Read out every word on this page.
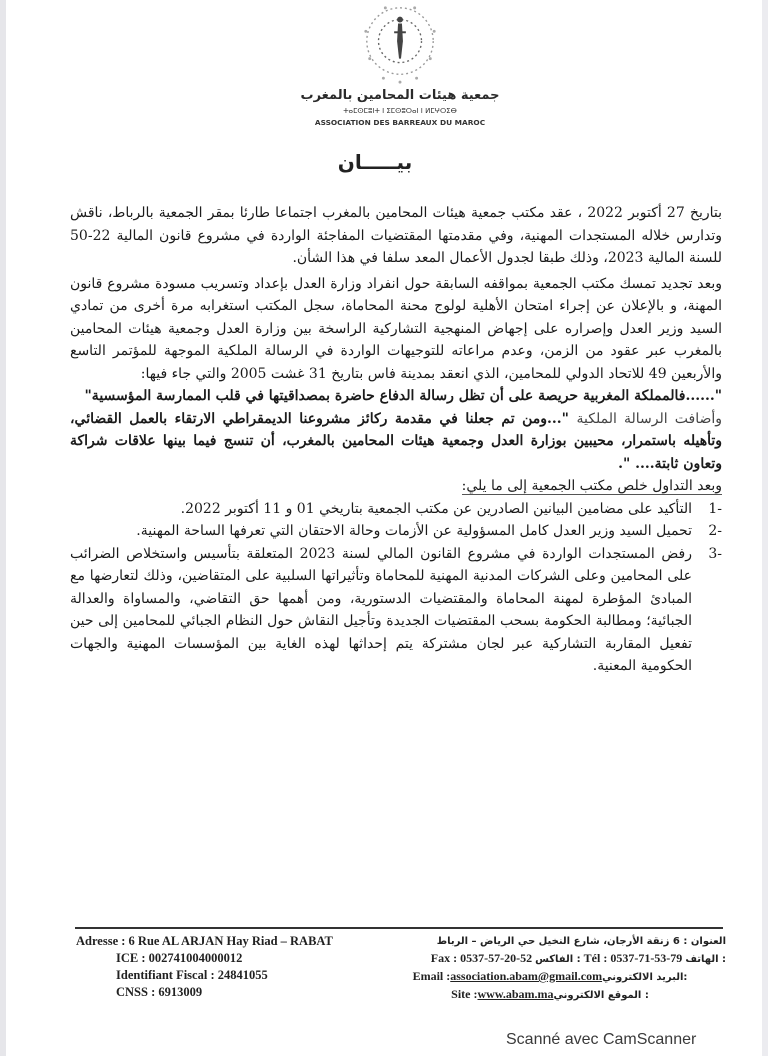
جمعية هيئات المحامين بالمغرب
ⵜⴰⵎⵙⵎⵓⵏⵜ ⵏ ⵉⵎⵙⵓⵔⴰⵏ ⵏ ⵍⵎⵖⵔⵉⴱ
ASSOCIATION DES BARREAUX DU MAROC
بيـــــان

بتاريخ 27 أكتوبر 2022 ، عقد مكتب جمعية هيئات المحامين بالمغرب اجتماعا طارئا بمقر الجمعية بالرباط، ناقش وتدارس خلاله المستجدات المهنية، وفي مقدمتها المقتضيات المفاجئة الواردة في مشروع قانون المالية 22-50 للسنة المالية 2023، وذلك طبقا لجدول الأعمال المعد سلفا في هذا الشأن.

وبعد تجديد تمسك مكتب الجمعية بمواقفه السابقة حول انفراد وزارة العدل بإعداد وتسريب مسودة مشروع قانون المهنة، و بالإعلان عن إجراء امتحان الأهلية لولوج محنة المحاماة، سجل المكتب استغرابه مرة أخرى من تمادي السيد وزير العدل وإصراره على إجهاض المنهجية التشاركية الراسخة بين وزارة العدل وجمعية هيئات المحامين بالمغرب عبر عقود من الزمن، وعدم مراعاته للتوجيهات الواردة في الرسالة الملكية الموجهة للمؤتمر التاسع والأربعين 49 للاتحاد الدولي للمحامين، الذي انعقد بمدينة فاس بتاريخ 31 غشت 2005 والتي جاء فيها:

"......فالمملكة المغربية حريصة على أن تظل رسالة الدفاع حاضرة بمصداقيتها في قلب الممارسة المؤسسية"

وأضافت الرسالة الملكية "...ومن تم جعلنا في مقدمة ركائز مشروعنا الديمقراطي الارتقاء بالعمل القضائي، وتأهيله باستمرار، محيبين بوزارة العدل وجمعية هيئات المحامين بالمغرب، أن تنسج فيما بينها علاقات شراكة وتعاون ثابتة.... ".

وبعد التداول خلص مكتب الجمعية إلى ما يلي:

-1
التأكيد على مضامين البيانين الصادرين عن مكتب الجمعية بتاريخي 01 و 11 أكتوبر 2022.
-2
تحميل السيد وزير العدل كامل المسؤولية عن الأزمات وحالة الاحتقان التي تعرفها الساحة المهنية.
-3
رفض المستجدات الواردة في مشروع القانون المالي لسنة 2023 المتعلقة بتأسيس واستخلاص الضرائب على المحامين وعلى الشركات المدنية المهنية للمحاماة وتأثيراتها السلبية على المتقاضين، وذلك لتعارضها مع المبادئ المؤطرة لمهنة المحاماة والمقتضيات الدستورية، ومن أهمها حق التقاضي، والمساواة والعدالة الجبائية؛ ومطالبة الحكومة بسحب المقتضيات الجديدة وتأجيل النقاش حول النظام الجبائي للمحامين إلى حين تفعيل المقاربة التشاركية عبر لجان مشتركة يتم إحداثها لهذه الغاية بين المؤسسات المهنية والجهات الحكومية المعنية.
Adresse : 6 Rue AL ARJAN Hay Riad – RABAT
ICE : 002741004000012
Identifiant Fiscal : 24841055
CNSS : 6913009
العنوان : 6 زنقة الأرجان، شارع النخيل حي الرياض – الرباط
Fax : 0537-57-20-52 الفاكس : Tél : 0537-71-53-79 الهاتف :
Email :association.abam@gmail.comالبريد الالكتروني:
Site :www.abam.maالموقع الالكتروني :
Scanné avec CamScanner
